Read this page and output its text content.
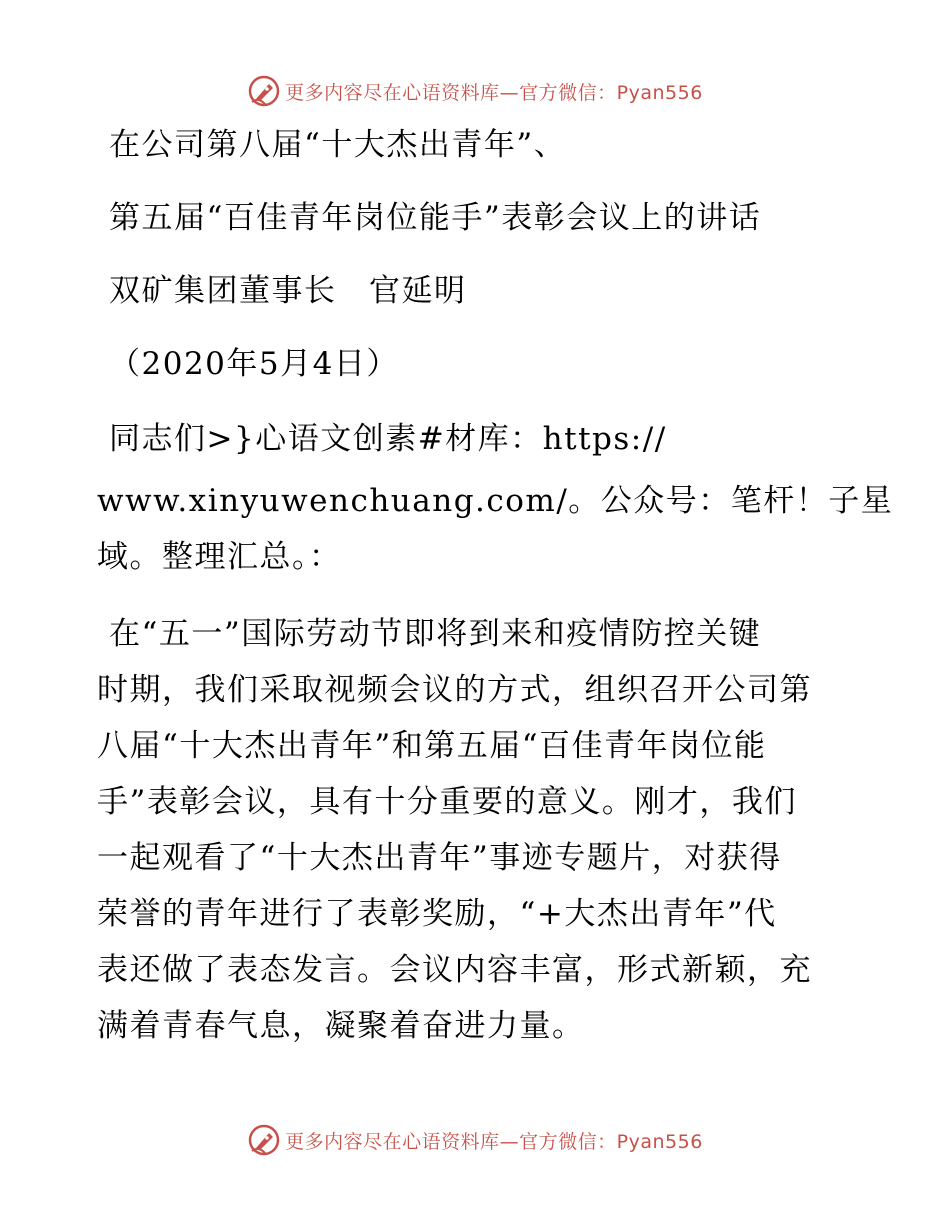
更多内容尽在心语资料库—官方微信：Pyan556
在公司第八届“十大杰出青年”、
第五届“百佳青年岗位能手”表彰会议上的讲话
双矿集团董事长　官延明
（2020年5月4日）
同志们>}心语文创素#材库：https://
www.xinyuwenchuang.com/。公众号：笔杆！子星
域。整理汇总。：
在“五一”国际劳动节即将到来和疫情防控关键
时期，我们采取视频会议的方式，组织召开公司第
八届“十大杰出青年”和第五届“百佳青年岗位能
手”表彰会议，具有十分重要的意义。刚才，我们
一起观看了“十大杰出青年”事迹专题片，对获得
荣誉的青年进行了表彰奖励，“+大杰出青年”代
表还做了表态发言。会议内容丰富，形式新颖，充
满着青春气息，凝聚着奋进力量。
更多内容尽在心语资料库—官方微信：Pyan556
